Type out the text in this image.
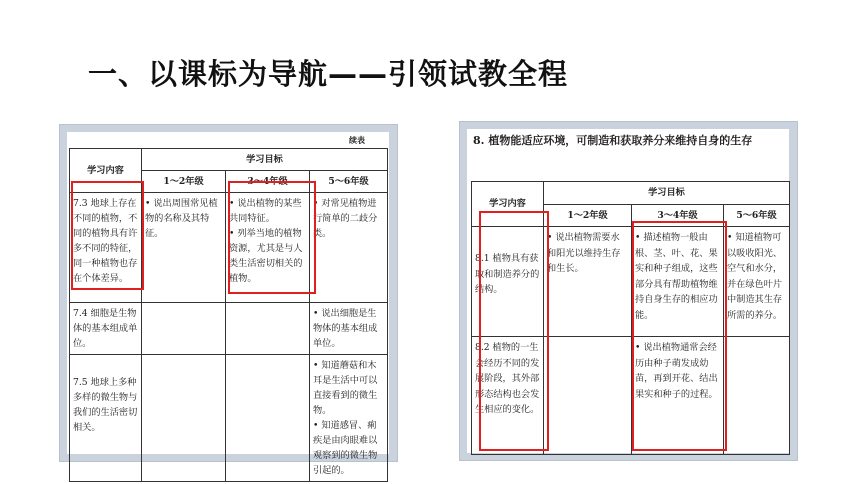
一、以课标为导航——引领试教全程
续表
学习内容	学习目标		
	1～2年级	3～4年级	5～6年级
7.3 地球上存在不同的植物，不同的植物具有许多不同的特征，同一种植物也存在个体差异。	• 说出周围常见植物的名称及其特征。	• 说出植物的某些共同特征。
• 列举当地的植物资源，尤其是与人类生活密切相关的植物。	• 对常见植物进行简单的二歧分类。
7.4 细胞是生物体的基本组成单位。			• 说出细胞是生物体的基本组成单位。
7.5 地球上多种多样的微生物与我们的生活密切相关。			• 知道蘑菇和木耳是生活中可以直接看到的微生物。
• 知道感冒、痢疾是由肉眼难以观察到的微生物引起的。
8. 植物能适应环境，可制造和获取养分来维持自身的生存
学习内容	学习目标		
	1～2年级	3～4年级	5～6年级
8.1 植物具有获取和制造养分的结构。	• 说出植物需要水和阳光以维持生存和生长。	• 描述植物一般由根、茎、叶、花、果实和种子组成，这些部分具有帮助植物维持自身生存的相应功能。	• 知道植物可以吸收阳光、空气和水分，并在绿色叶片中制造其生存所需的养分。
8.2 植物的一生会经历不同的发展阶段，其外部形态结构也会发生相应的变化。		• 说出植物通常会经历由种子萌发成幼苗，再到开花、结出果实和种子的过程。	
